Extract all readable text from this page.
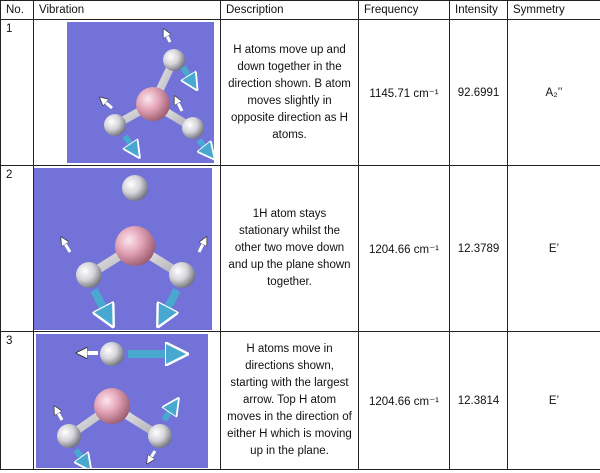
No.	Vibration	Description	Frequency	Intensity	Symmetry
1		H atoms move up and down together in the direction shown. B atom moves slightly in opposite direction as H atoms.	1145.71 cm⁻¹	92.6991	A₂’’
2		1H atom stays stationary whilst the other two move down and up the plane shown together.	1204.66 cm⁻¹	12.3789	E’
3		H atoms move in directions shown, starting with the largest arrow. Top H atom moves in the direction of either H which is moving up in the plane.	1204.66 cm⁻¹	12.3814	E’
